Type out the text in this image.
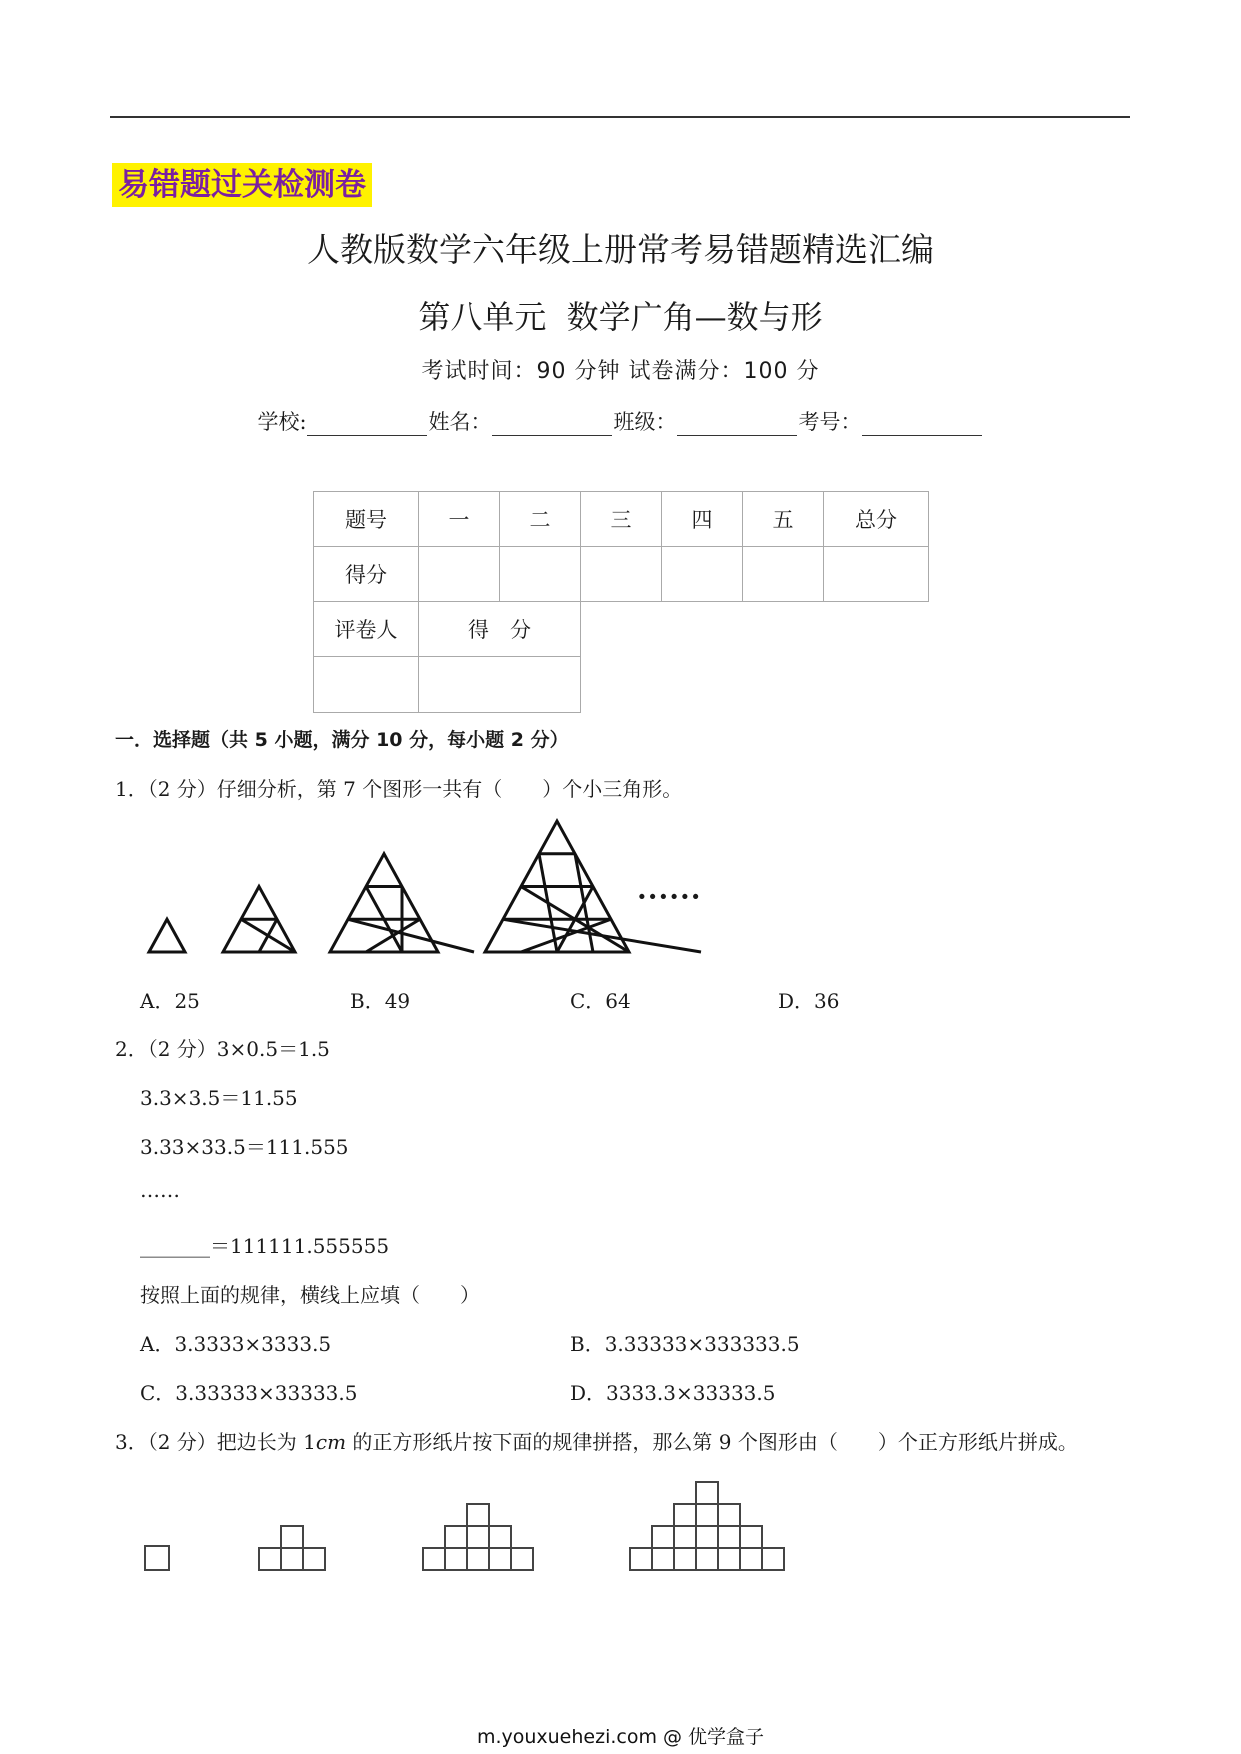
易错题过关检测卷
人教版数学六年级上册常考易错题精选汇编
第八单元 数学广角—数与形
考试时间：90 分钟 试卷满分：100 分
学校:	姓名：	班级：	考号：
题号	一	二	三	四	五	总分
得分						
评卷人	得　分

一．选择题（共 5 小题，满分 10 分，每小题 2 分）
1．（2 分）仔细分析，第 7 个图形一共有（　　）个小三角形。
······
A．25	B．49	C．64	D．36
2．（2 分）3×0.5＝1.5
3.3×3.5＝11.55
3.33×33.5＝111.555
……
_______＝111111.555555
按照上面的规律，横线上应填（　　）
A．3.3333×3333.5	B．3.33333×333333.5
C．3.33333×33333.5	D．3333.3×33333.5
3．（2 分）把边长为 1cm 的正方形纸片按下面的规律拼搭，那么第 9 个图形由（　　）个正方形纸片拼成。
m.youxuehezi.com @ 优学盒子
